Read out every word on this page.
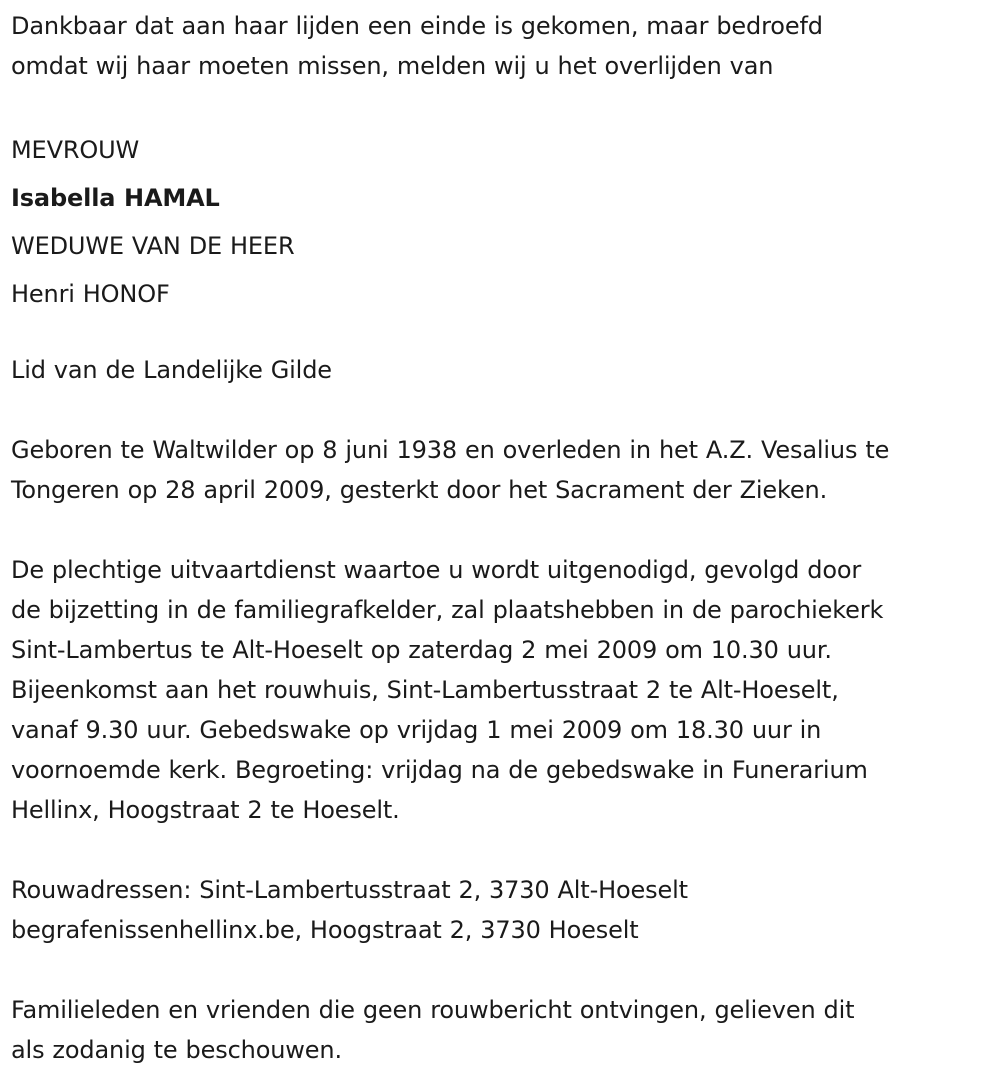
Dankbaar dat aan haar lijden een einde is gekomen, maar bedroefd
omdat wij haar moeten missen, melden wij u het overlijden van
MEVROUW
Isabella HAMAL
WEDUWE VAN DE HEER
Henri HONOF
Lid van de Landelijke Gilde
Geboren te Waltwilder op 8 juni 1938 en overleden in het A.Z. Vesalius te
Tongeren op 28 april 2009, gesterkt door het Sacrament der Zieken.
De plechtige uitvaartdienst waartoe u wordt uitgenodigd, gevolgd door
de bijzetting in de familiegrafkelder, zal plaatshebben in de parochiekerk
Sint-Lambertus te Alt-Hoeselt op zaterdag 2 mei 2009 om 10.30 uur.
Bijeenkomst aan het rouwhuis, Sint-Lambertusstraat 2 te Alt-Hoeselt,
vanaf 9.30 uur. Gebedswake op vrijdag 1 mei 2009 om 18.30 uur in
voornoemde kerk. Begroeting: vrijdag na de gebedswake in Funerarium
Hellinx, Hoogstraat 2 te Hoeselt.
Rouwadressen: Sint-Lambertusstraat 2, 3730 Alt-Hoeselt
begrafenissenhellinx.be, Hoogstraat 2, 3730 Hoeselt
Familieleden en vrienden die geen rouwbericht ontvingen, gelieven dit
als zodanig te beschouwen.
